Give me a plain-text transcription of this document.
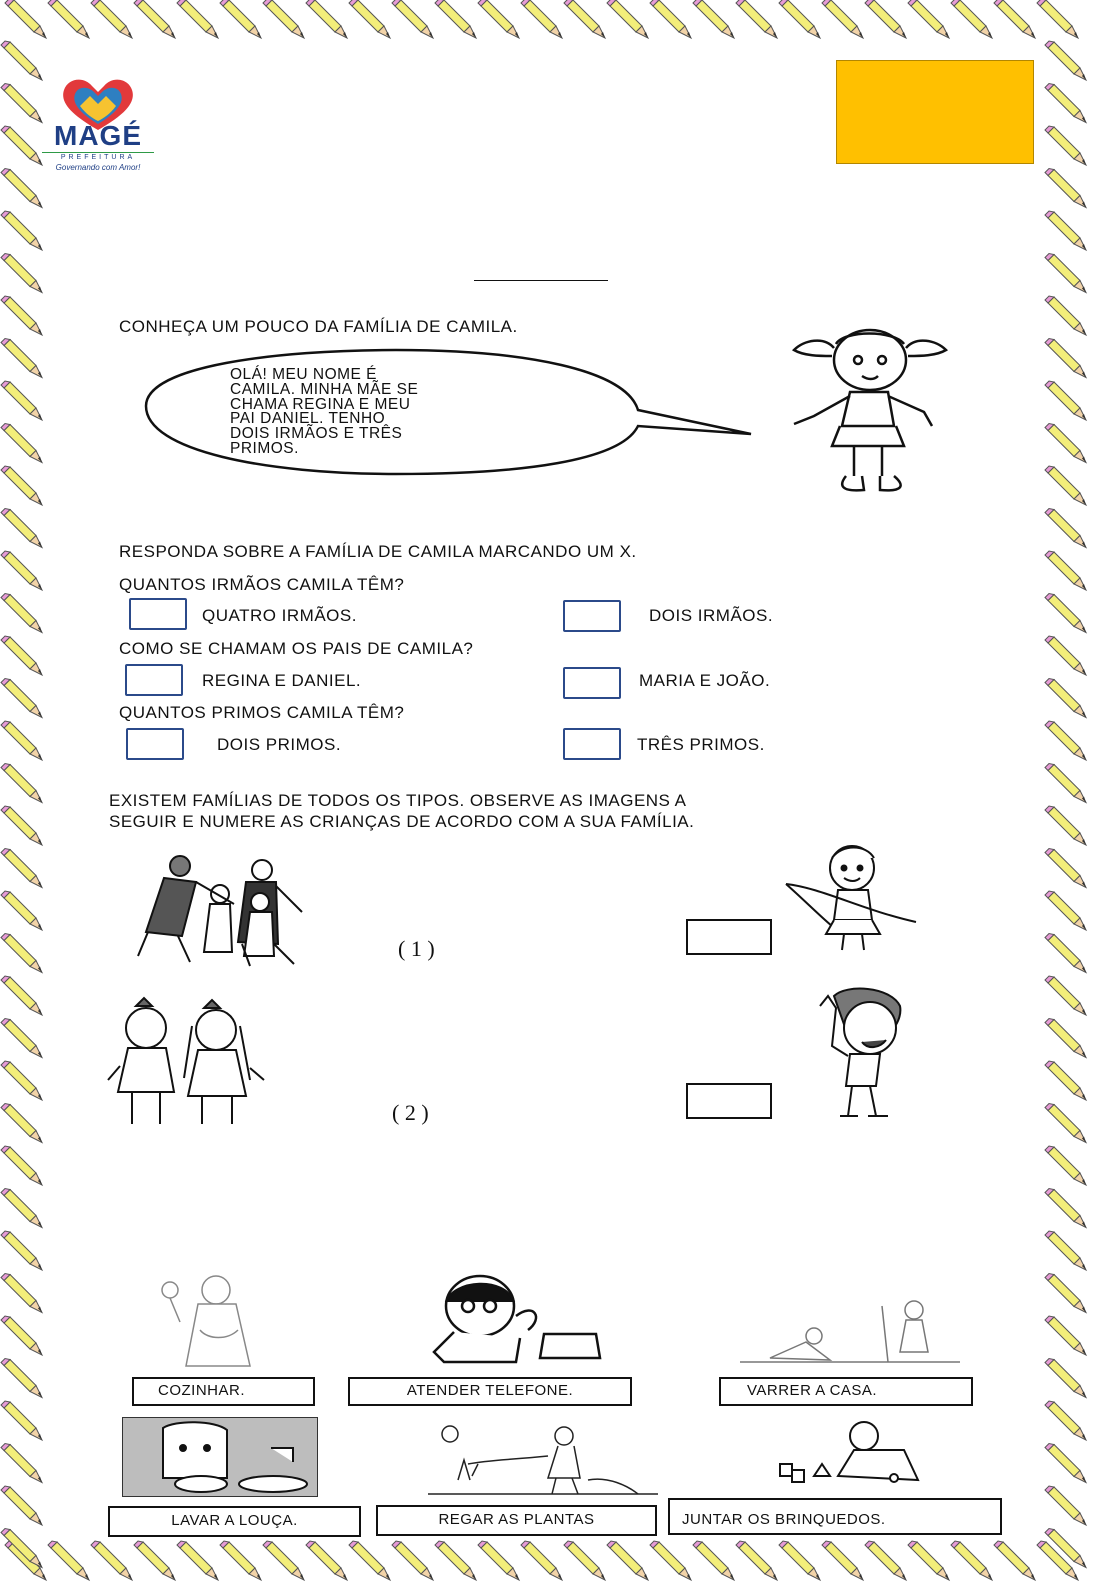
MAGÉ
PREFEITURA
Governando com Amor!
CONHEÇA UM POUCO DA FAMÍLIA DE CAMILA.
OLÁ! MEU NOME É
CAMILA. MINHA MÃE SE
CHAMA REGINA E MEU
PAI DANIEL. TENHO
DOIS IRMÃOS E TRÊS
PRIMOS.
RESPONDA SOBRE A FAMÍLIA DE CAMILA MARCANDO UM X.
QUANTOS IRMÃOS CAMILA TÊM?
QUATRO IRMÃOS.	DOIS IRMÃOS.
COMO SE CHAMAM OS PAIS DE CAMILA?
REGINA E DANIEL.	MARIA E JOÃO.
QUANTOS PRIMOS CAMILA TÊM?
DOIS PRIMOS.	TRÊS PRIMOS.
EXISTEM FAMÍLIAS DE TODOS OS TIPOS. OBSERVE AS IMAGENS A
SEGUIR E NUMERE AS CRIANÇAS DE ACORDO COM A SUA FAMÍLIA.
( 1 )
( 2 )
COZINHAR.	ATENDER TELEFONE.	VARRER A CASA.
LAVAR A LOUÇA.	REGAR AS PLANTAS	JUNTAR OS BRINQUEDOS.
